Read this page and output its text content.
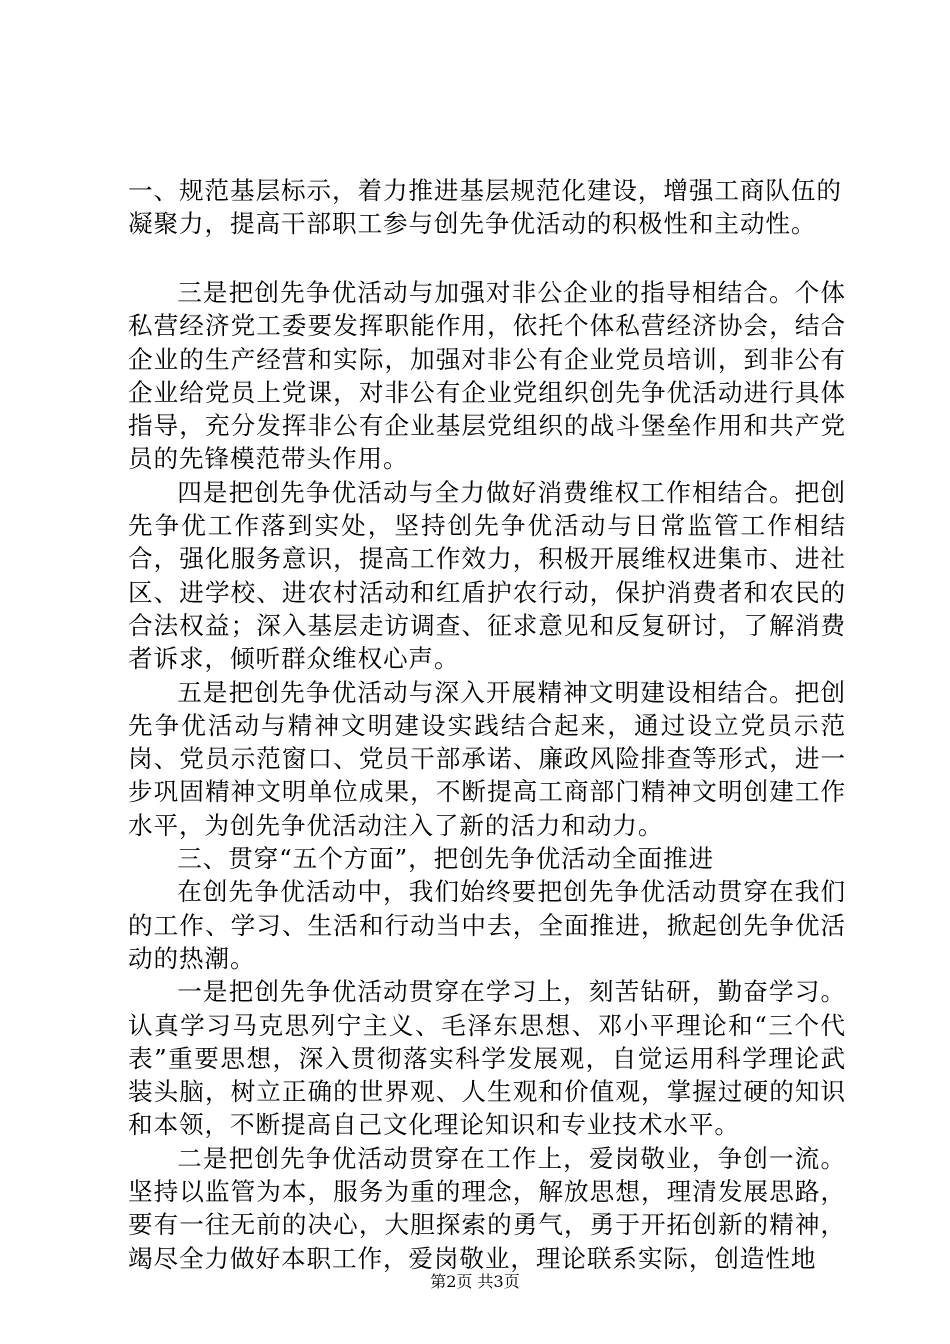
一、规范基层标示，着力推进基层规范化建设，增强工商队伍的凝聚力，提高干部职工参与创先争优活动的积极性和主动性。

三是把创先争优活动与加强对非公企业的指导相结合。个体私营经济党工委要发挥职能作用，依托个体私营经济协会，结合企业的生产经营和实际，加强对非公有企业党员培训，到非公有企业给党员上党课，对非公有企业党组织创先争优活动进行具体指导，充分发挥非公有企业基层党组织的战斗堡垒作用和共产党员的先锋模范带头作用。

四是把创先争优活动与全力做好消费维权工作相结合。把创先争优工作落到实处，坚持创先争优活动与日常监管工作相结合，强化服务意识，提高工作效力，积极开展维权进集市、进社区、进学校、进农村活动和红盾护农行动，保护消费者和农民的合法权益；深入基层走访调查、征求意见和反复研讨，了解消费者诉求，倾听群众维权心声。

五是把创先争优活动与深入开展精神文明建设相结合。把创先争优活动与精神文明建设实践结合起来，通过设立党员示范岗、党员示范窗口、党员干部承诺、廉政风险排查等形式，进一步巩固精神文明单位成果，不断提高工商部门精神文明创建工作水平，为创先争优活动注入了新的活力和动力。

三、贯穿“五个方面”，把创先争优活动全面推进

在创先争优活动中，我们始终要把创先争优活动贯穿在我们的工作、学习、生活和行动当中去，全面推进，掀起创先争优活动的热潮。

一是把创先争优活动贯穿在学习上，刻苦钻研，勤奋学习。认真学习马克思列宁主义、毛泽东思想、邓小平理论和“三个代表”重要思想，深入贯彻落实科学发展观，自觉运用科学理论武装头脑，树立正确的世界观、人生观和价值观，掌握过硬的知识和本领，不断提高自己文化理论知识和专业技术水平。

二是把创先争优活动贯穿在工作上，爱岗敬业，争创一流。坚持以监管为本，服务为重的理念，解放思想，理清发展思路，要有一往无前的决心，大胆探索的勇气，勇于开拓创新的精神，竭尽全力做好本职工作，爱岗敬业，理论联系实际，创造性地

第2页 共3页
